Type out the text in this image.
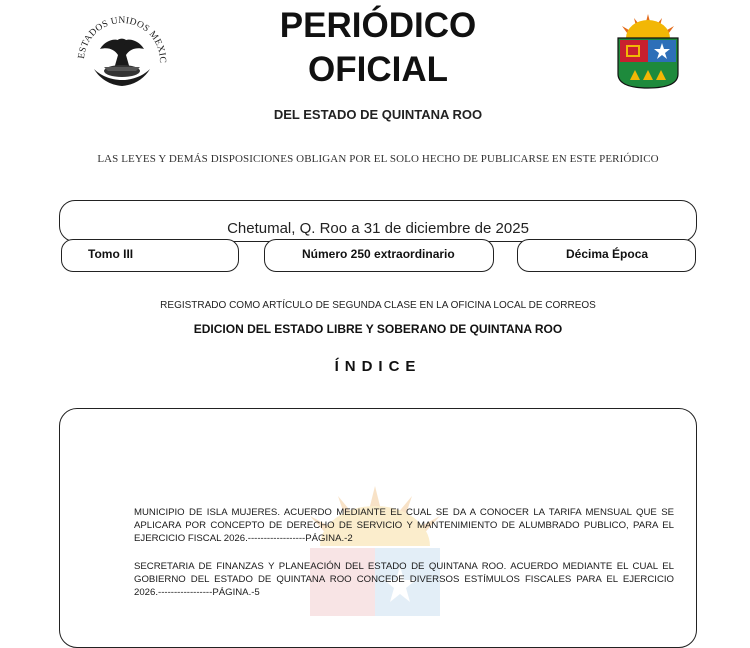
ESTADOS UNIDOS MEXIC
PERIÓDICO
OFICIAL
DEL ESTADO DE QUINTANA ROO
LAS LEYES Y DEMÁS DISPOSICIONES OBLIGAN POR EL SOLO HECHO DE PUBLICARSE EN ESTE PERIÓDICO
Chetumal, Q. Roo a 31 de diciembre de 2025
Tomo III	Número 250 extraordinario	Décima Época
REGISTRADO COMO ARTÍCULO DE SEGUNDA CLASE EN LA OFICINA LOCAL DE CORREOS
EDICION DEL ESTADO LIBRE Y SOBERANO DE QUINTANA ROO
ÍNDICE
MUNICIPIO DE ISLA MUJERES. ACUERDO MEDIANTE EL CUAL SE DA A CONOCER LA TARIFA MENSUAL QUE SE APLICARA POR CONCEPTO DE DERECHO DE SERVICIO Y MANTENIMIENTO DE ALUMBRADO PUBLICO, PARA EL EJERCICIO FISCAL 2026.------------------PÁGINA.-2
SECRETARIA DE FINANZAS Y PLANEACIÓN DEL ESTADO DE QUINTANA ROO. ACUERDO MEDIANTE EL CUAL EL GOBIERNO DEL ESTADO DE QUINTANA ROO CONCEDE DIVERSOS ESTÍMULOS FISCALES PARA EL EJERCICIO 2026.-----------------PÁGINA.-5
